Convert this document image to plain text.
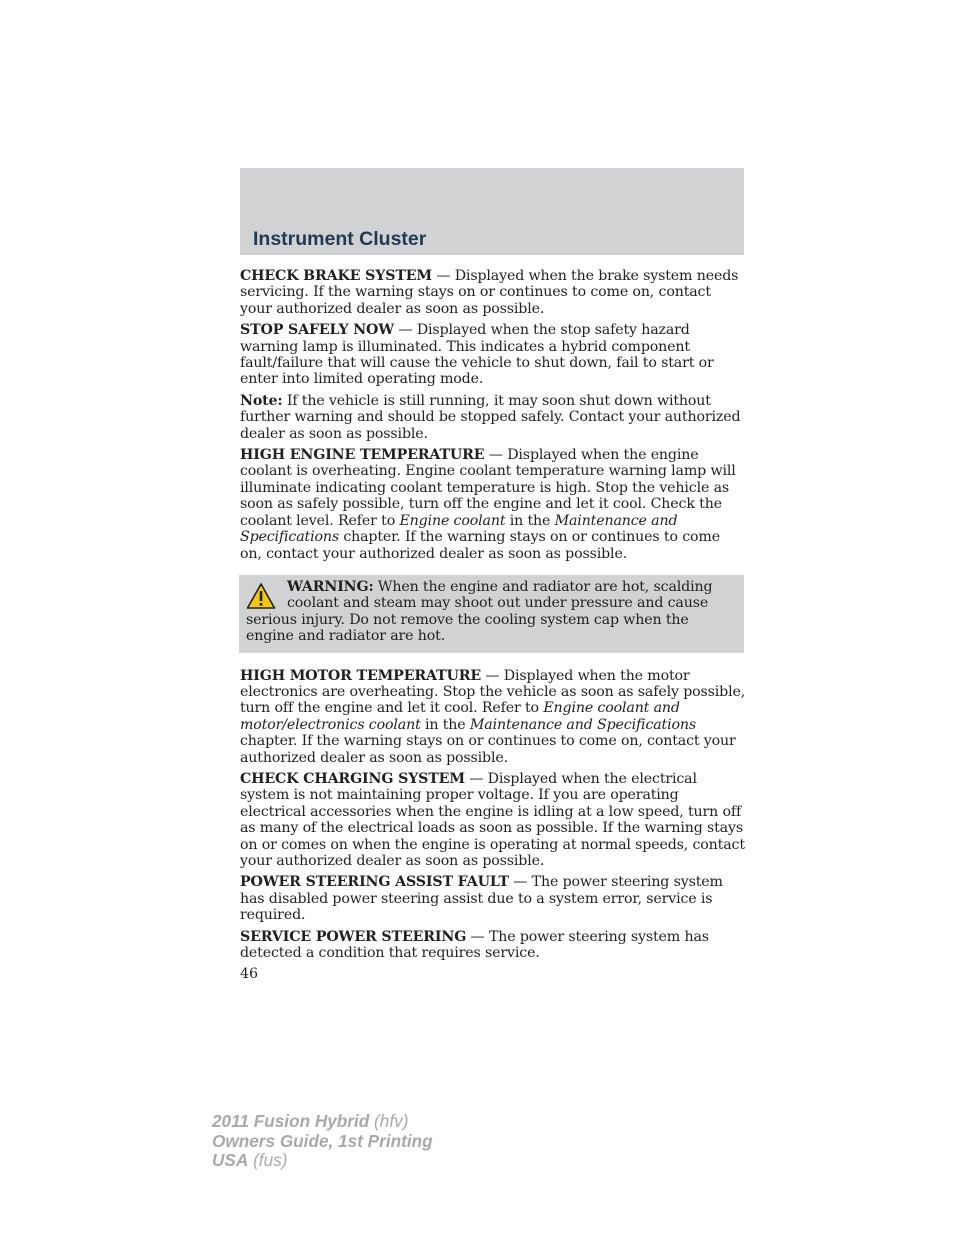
Instrument Cluster

CHECK BRAKE SYSTEM — Displayed when the brake system needs servicing. If the warning stays on or continues to come on, contact your authorized dealer as soon as possible.

STOP SAFELY NOW — Displayed when the stop safety hazard warning lamp is illuminated. This indicates a hybrid component fault/failure that will cause the vehicle to shut down, fail to start or enter into limited operating mode.

Note: If the vehicle is still running, it may soon shut down without further warning and should be stopped safely. Contact your authorized dealer as soon as possible.

HIGH ENGINE TEMPERATURE — Displayed when the engine coolant is overheating. Engine coolant temperature warning lamp will illuminate indicating coolant temperature is high. Stop the vehicle as soon as safely possible, turn off the engine and let it cool. Check the coolant level. Refer to Engine coolant in the Maintenance and Specifications chapter. If the warning stays on or continues to come on, contact your authorized dealer as soon as possible.

WARNING: When the engine and radiator are hot, scalding coolant and steam may shoot out under pressure and cause serious injury. Do not remove the cooling system cap when the engine and radiator are hot.

HIGH MOTOR TEMPERATURE — Displayed when the motor electronics are overheating. Stop the vehicle as soon as safely possible, turn off the engine and let it cool. Refer to Engine coolant and motor/electronics coolant in the Maintenance and Specifications chapter. If the warning stays on or continues to come on, contact your authorized dealer as soon as possible.

CHECK CHARGING SYSTEM — Displayed when the electrical system is not maintaining proper voltage. If you are operating electrical accessories when the engine is idling at a low speed, turn off as many of the electrical loads as soon as possible. If the warning stays on or comes on when the engine is operating at normal speeds, contact your authorized dealer as soon as possible.

POWER STEERING ASSIST FAULT — The power steering system has disabled power steering assist due to a system error, service is required.

SERVICE POWER STEERING — The power steering system has detected a condition that requires service.

46
2011 Fusion Hybrid (hfv)
Owners Guide, 1st Printing
USA (fus)
